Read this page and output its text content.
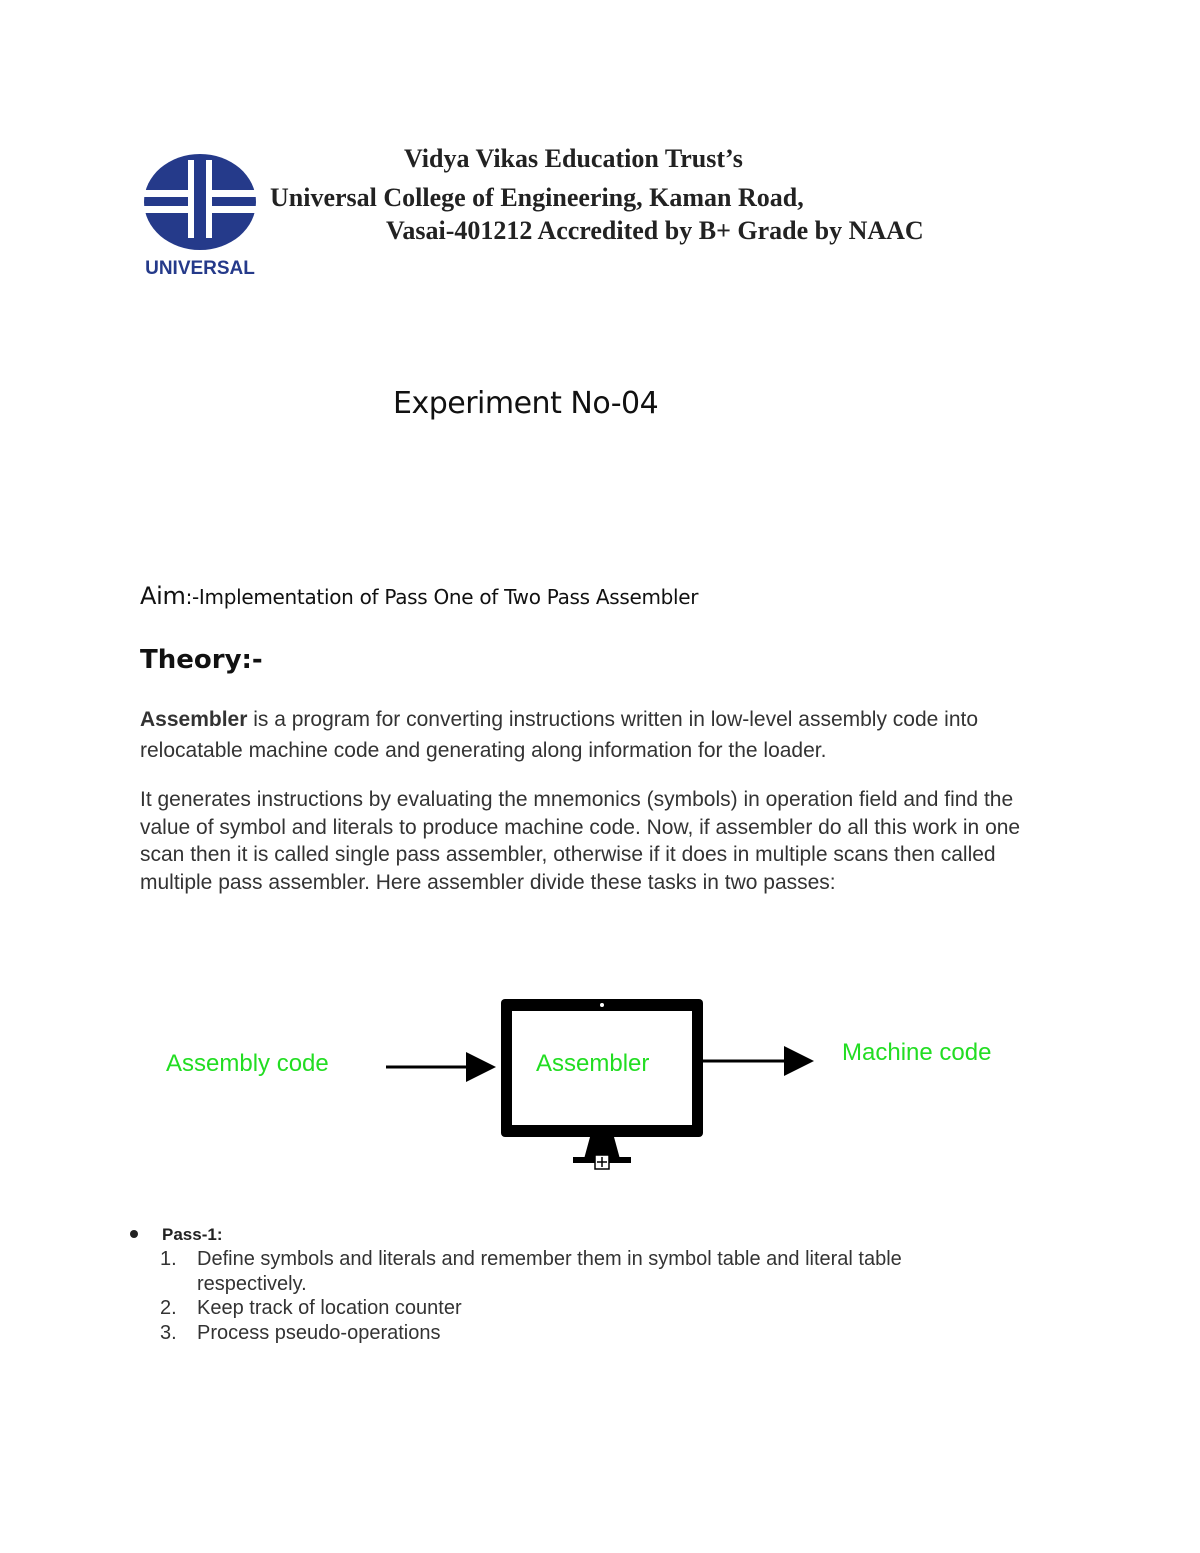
UNIVERSAL
Vidya Vikas Education Trust’s
Universal College of Engineering, Kaman Road,
Vasai-401212 Accredited by B+ Grade by NAAC
Experiment No-04
Aim:-Implementation of Pass One of Two Pass Assembler
Theory:-
Assembler is a program for converting instructions written in low-level assembly code into relocatable machine code and generating along information for the loader.
It generates instructions by evaluating the mnemonics (symbols) in operation field and find the value of symbol and literals to produce machine code. Now, if assembler do all this work in one scan then it is called single pass assembler, otherwise if it does in multiple scans then called multiple pass assembler. Here assembler divide these tasks in two passes:
Assembly code	Assembler	Machine code
Pass-1:
1.	Define symbols and literals and remember them in symbol table and literal table respectively.
2.	Keep track of location counter
3.	Process pseudo-operations
